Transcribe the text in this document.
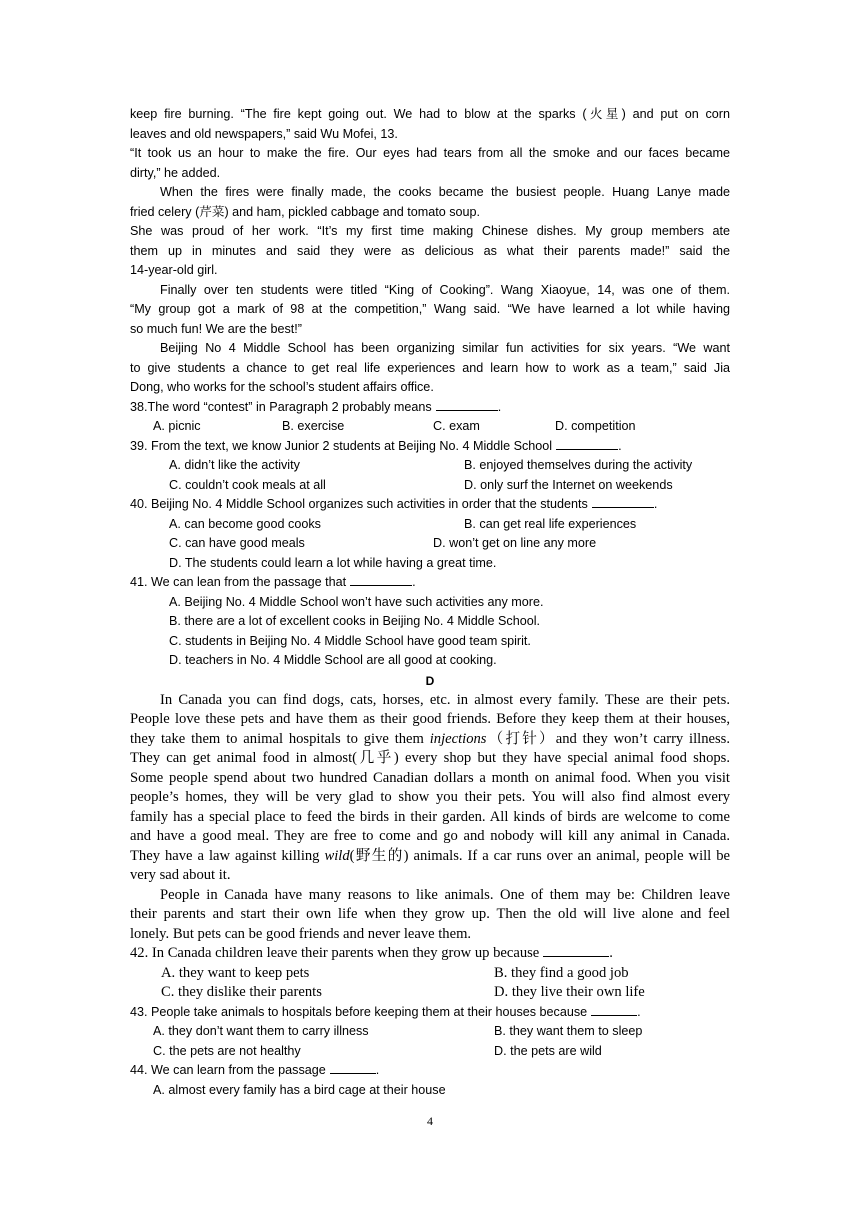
keep fire burning. “The fire kept going out. We had to blow at the sparks (火星) and put on corn
leaves and old newspapers,” said Wu Mofei, 13.
“It took us an hour to make the fire. Our eyes had tears from all the smoke and our faces became
dirty,” he added.
When the fires were finally made, the cooks became the busiest people. Huang Lanye made
fried celery (芹菜) and ham, pickled cabbage and tomato soup.
She was proud of her work. “It’s my first time making Chinese dishes. My group members ate
them up in minutes and said they were as delicious as what their parents made!” said the
14-year-old girl.
Finally over ten students were titled “King of Cooking”. Wang Xiaoyue, 14, was one of them.
“My group got a mark of 98 at the competition,” Wang said. “We have learned a lot while having
so much fun! We are the best!”
Beijing No 4 Middle School has been organizing similar fun activities for six years. “We want
to give students a chance to get real life experiences and learn how to work as a team,” said Jia
Dong, who works for the school’s student affairs office.
38.The word “contest” in Paragraph 2 probably means	.
A. picnic	B. exercise	C. exam	D. competition
39. From the text, we know Junior 2 students at Beijing No. 4 Middle School	.
A. didn’t like the activity	B. enjoyed themselves during the activity
C. couldn’t cook meals at all	D. only surf the Internet on weekends
40. Beijing No. 4 Middle School organizes such activities in order that the students	.
A. can become good cooks	B. can get real life experiences
C. can have good meals	D. won’t get on line any more
D. The students could learn a lot while having a great time.
41. We can lean from the passage that	.
A. Beijing No. 4 Middle School won’t have such activities any more.
B. there are a lot of excellent cooks in Beijing No. 4 Middle School.
C. students in Beijing No. 4 Middle School have good team spirit.
D. teachers in No. 4 Middle School are all good at cooking.
D
In Canada you can find dogs, cats, horses, etc. in almost every family. These are their pets.
People love these pets and have them as their good friends. Before they keep them at their houses,
they take them to animal hospitals to give them injections（打针）and they won’t carry illness.
They can get animal food in almost(几乎) every shop but they have special animal food shops.
Some people spend about two hundred Canadian dollars a month on animal food. When you visit
people’s homes, they will be very glad to show you their pets. You will also find almost every
family has a special place to feed the birds in their garden. All kinds of birds are welcome to come
and have a good meal. They are free to come and go and nobody will kill any animal in Canada.
They have a law against killing wild(野生的) animals. If a car runs over an animal, people will be
very sad about it.
People in Canada have many reasons to like animals. One of them may be: Children leave
their parents and start their own life when they grow up. Then the old will live alone and feel
lonely. But pets can be good friends and never leave them.
42. In Canada children leave their parents when they grow up because	.
A. they want to keep pets	B. they find a good job
C. they dislike their parents	D. they live their own life
43. People take animals to hospitals before keeping them at their houses because	.
A. they don’t want them to carry illness	B. they want them to sleep
C. the pets are not healthy	D. the pets are wild
44. We can learn from the passage	.
A. almost every family has a bird cage at their house
4
